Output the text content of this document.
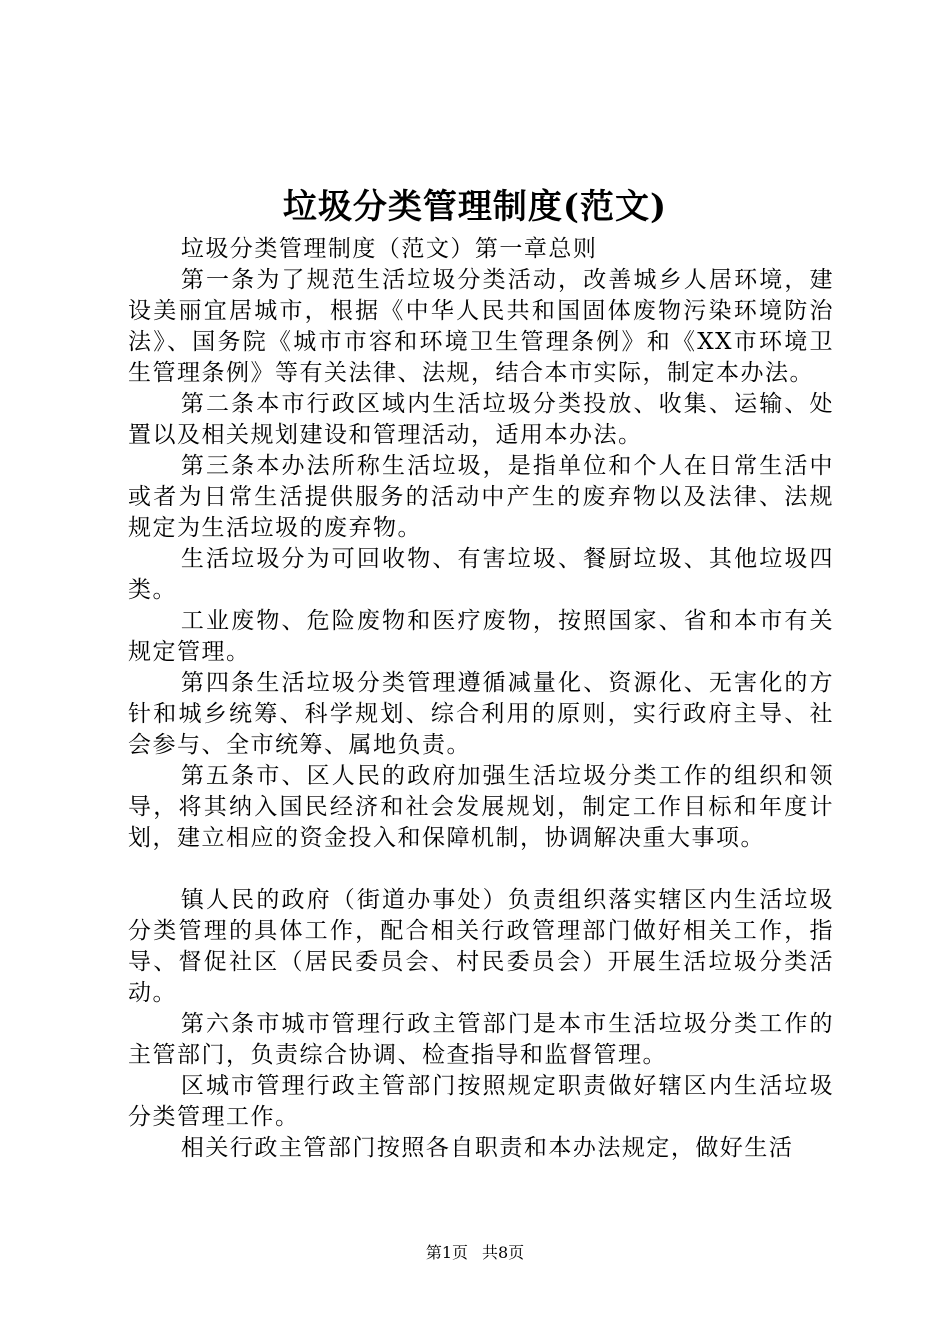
垃圾分类管理制度(范文)

垃圾分类管理制度（范文）第一章总则

第一条为了规范生活垃圾分类活动，改善城乡人居环境，建设美丽宜居城市，根据《中华人民共和国固体废物污染环境防治法》、国务院《城市市容和环境卫生管理条例》和《XX市环境卫生管理条例》等有关法律、法规，结合本市实际，制定本办法。

第二条本市行政区域内生活垃圾分类投放、收集、运输、处置以及相关规划建设和管理活动，适用本办法。

第三条本办法所称生活垃圾，是指单位和个人在日常生活中或者为日常生活提供服务的活动中产生的废弃物以及法律、法规规定为生活垃圾的废弃物。

生活垃圾分为可回收物、有害垃圾、餐厨垃圾、其他垃圾四类。

工业废物、危险废物和医疗废物，按照国家、省和本市有关规定管理。

第四条生活垃圾分类管理遵循减量化、资源化、无害化的方针和城乡统筹、科学规划、综合利用的原则，实行政府主导、社会参与、全市统筹、属地负责。

第五条市、区人民的政府加强生活垃圾分类工作的组织和领导，将其纳入国民经济和社会发展规划，制定工作目标和年度计划，建立相应的资金投入和保障机制，协调解决重大事项。

镇人民的政府（街道办事处）负责组织落实辖区内生活垃圾分类管理的具体工作，配合相关行政管理部门做好相关工作，指导、督促社区（居民委员会、村民委员会）开展生活垃圾分类活动。

第六条市城市管理行政主管部门是本市生活垃圾分类工作的主管部门，负责综合协调、检查指导和监督管理。

区城市管理行政主管部门按照规定职责做好辖区内生活垃圾分类管理工作。

相关行政主管部门按照各自职责和本办法规定，做好生活

第1页 共8页
